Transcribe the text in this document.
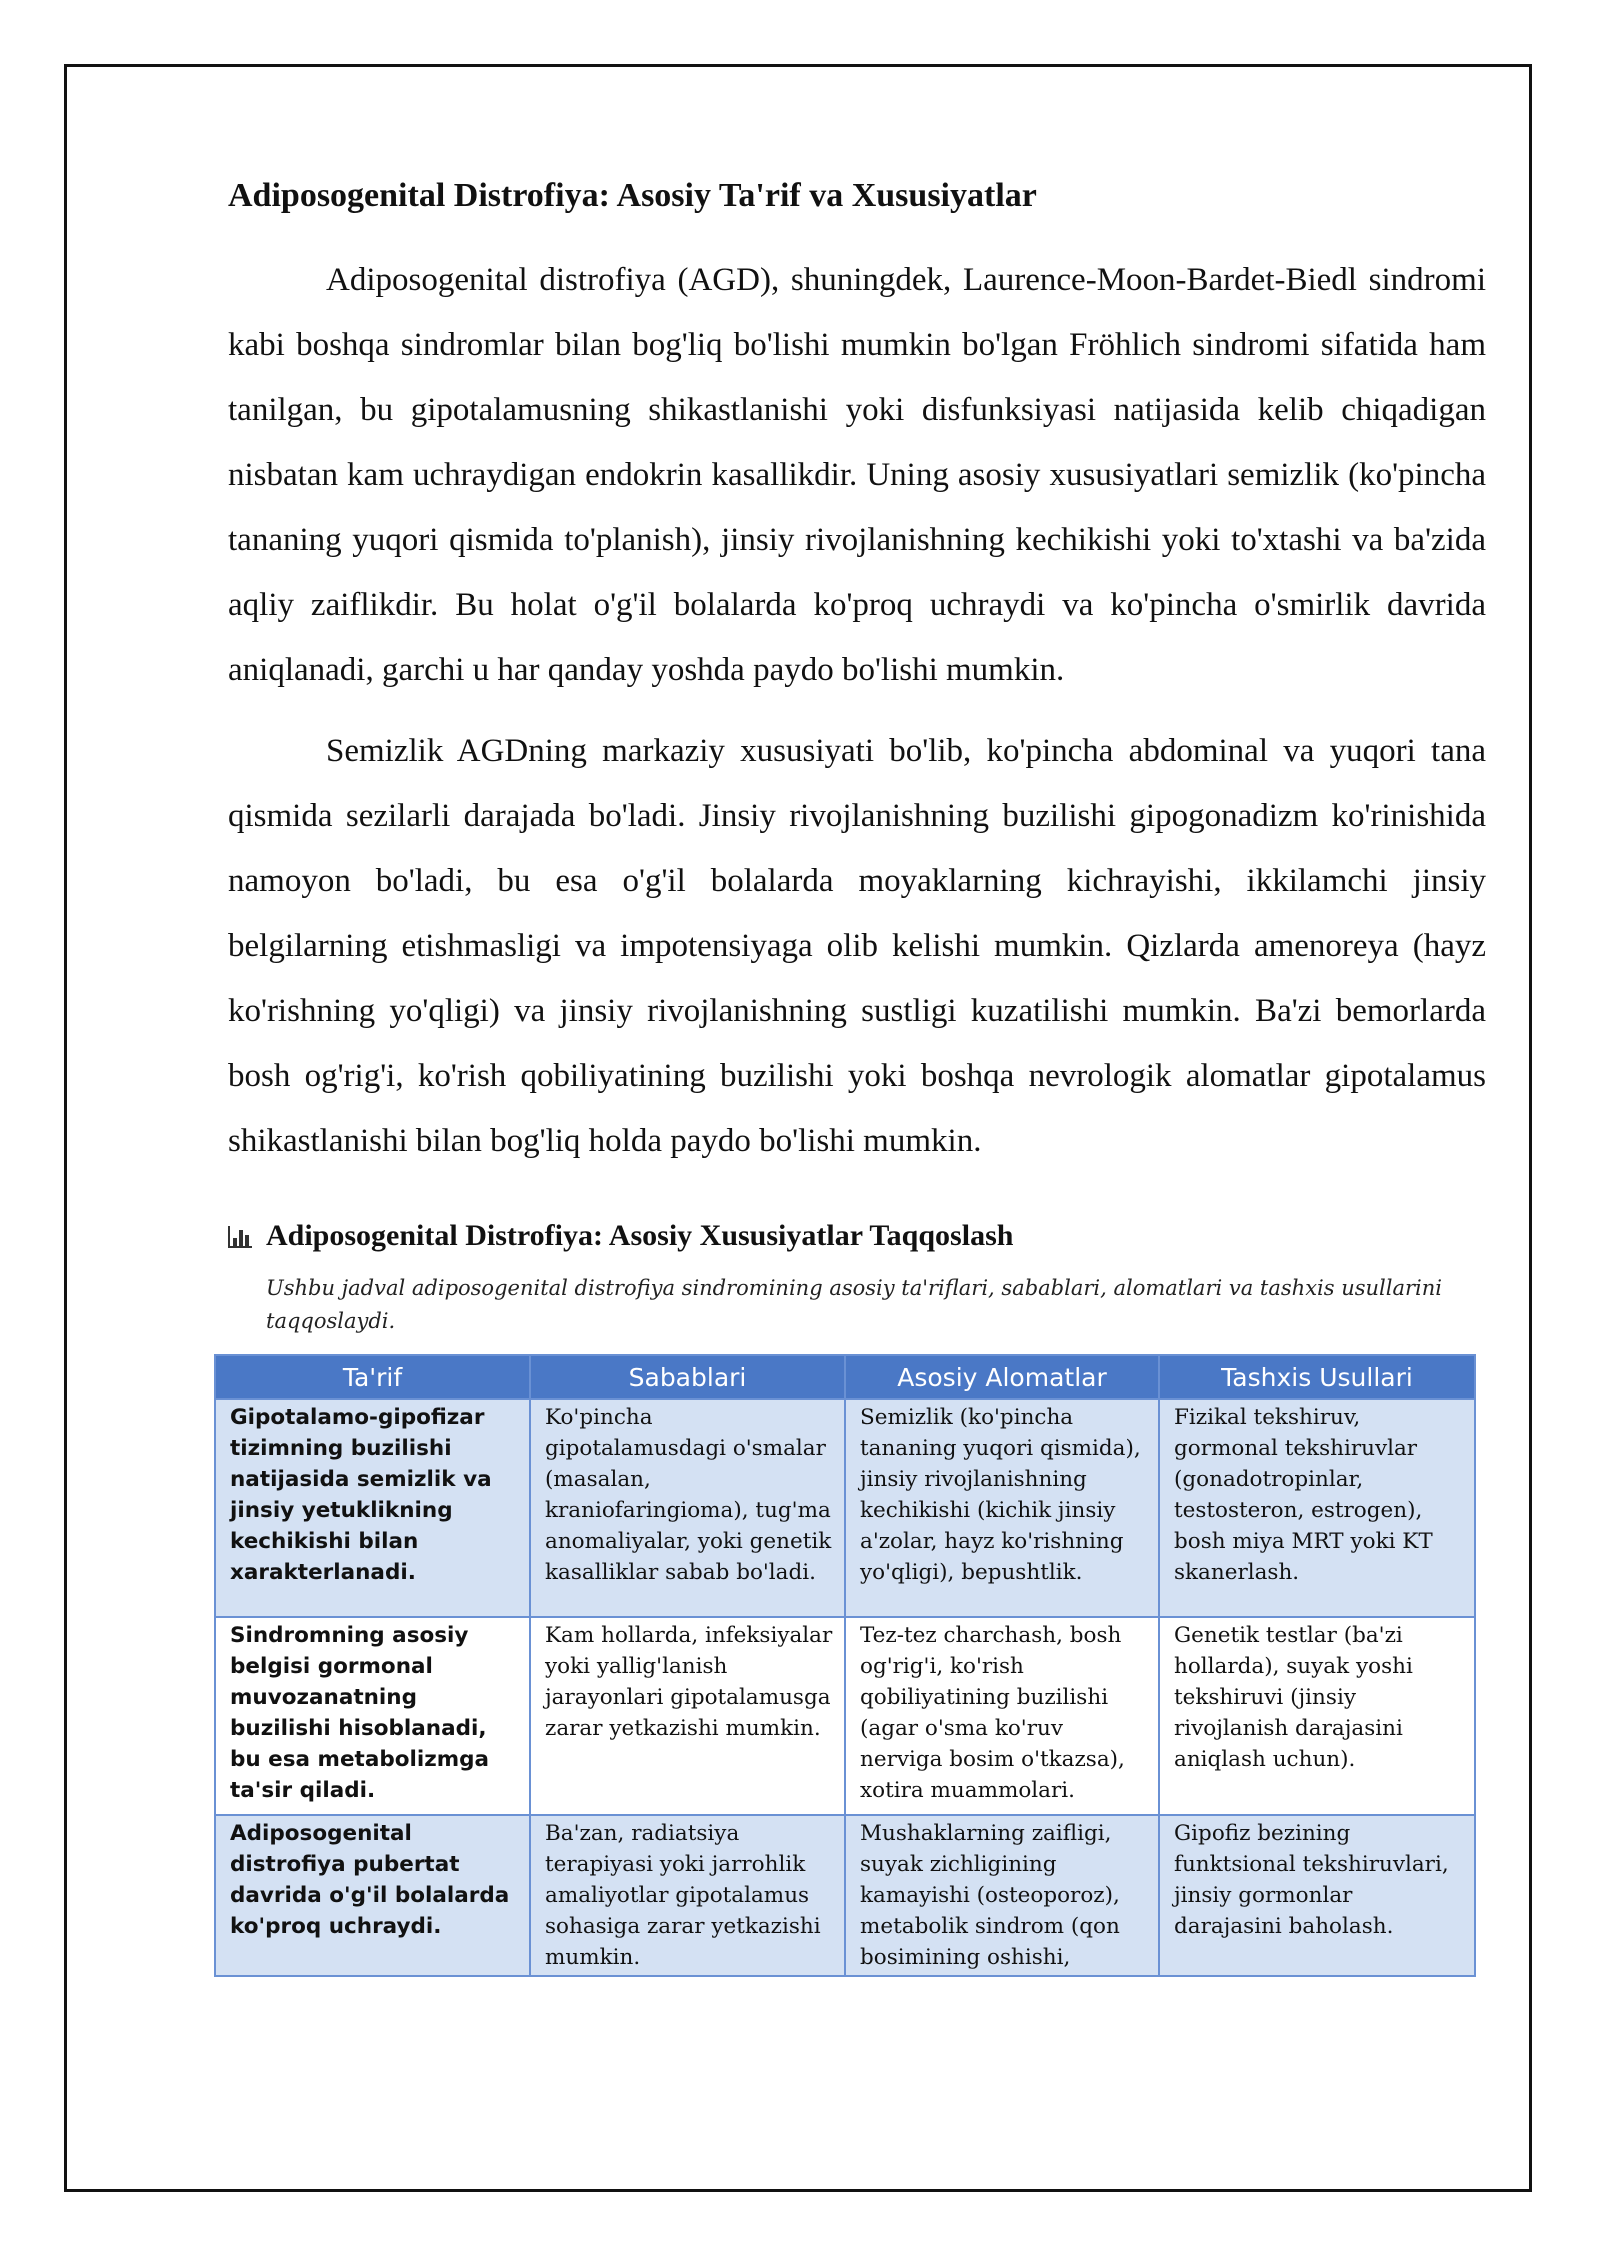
Adiposogenital Distrofiya: Asosiy Ta'rif va Xususiyatlar

Adiposogenital distrofiya (AGD), shuningdek, Laurence-Moon-Bardet-Biedl sindromi kabi boshqa sindromlar bilan bog'liq bo'lishi mumkin bo'lgan Fröhlich sindromi sifatida ham tanilgan, bu gipotalamusning shikastlanishi yoki disfunksiyasi natijasida kelib chiqadigan nisbatan kam uchraydigan endokrin kasallikdir. Uning asosiy xususiyatlari semizlik (ko'pincha tananing yuqori qismida to'planish), jinsiy rivojlanishning kechikishi yoki to'xtashi va ba'zida aqliy zaiflikdir. Bu holat o'g'il bolalarda ko'proq uchraydi va ko'pincha o'smirlik davrida aniqlanadi, garchi u har qanday yoshda paydo bo'lishi mumkin.

Semizlik AGDning markaziy xususiyati bo'lib, ko'pincha abdominal va yuqori tana qismida sezilarli darajada bo'ladi. Jinsiy rivojlanishning buzilishi gipogonadizm ko'rinishida namoyon bo'ladi, bu esa o'g'il bolalarda moyaklarning kichrayishi, ikkilamchi jinsiy belgilarning etishmasligi va impotensiyaga olib kelishi mumkin. Qizlarda amenoreya (hayz ko'rishning yo'qligi) va jinsiy rivojlanishning sustligi kuzatilishi mumkin. Ba'zi bemorlarda bosh og'rig'i, ko'rish qobiliyatining buzilishi yoki boshqa nevrologik alomatlar gipotalamus shikastlanishi bilan bog'liq holda paydo bo'lishi mumkin.

Adiposogenital Distrofiya: Asosiy Xususiyatlar Taqqoslash
Ushbu jadval adiposogenital distrofiya sindromining asosiy ta'riflari, sabablari, alomatlari va tashxis usullarini taqqoslaydi.
Ta'rif	Sabablari	Asosiy Alomatlar	Tashxis Usullari
Gipotalamo-gipofizar tizimning buzilishi natijasida semizlik va jinsiy yetuklikning kechikishi bilan xarakterlanadi.	Ko'pincha gipotalamusdagi o'smalar (masalan, kraniofaringioma), tug'ma anomaliyalar, yoki genetik kasalliklar sabab bo'ladi.	Semizlik (ko'pincha tananing yuqori qismida), jinsiy rivojlanishning kechikishi (kichik jinsiy a'zolar, hayz ko'rishning yo'qligi), bepushtlik.	Fizikal tekshiruv, gormonal tekshiruvlar (gonadotropinlar, testosteron, estrogen), bosh miya MRT yoki KT skanerlash.
Sindromning asosiy belgisi gormonal muvozanatning buzilishi hisoblanadi, bu esa metabolizmga ta'sir qiladi.	Kam hollarda, infeksiyalar yoki yallig'lanish jarayonlari gipotalamusga zarar yetkazishi mumkin.	Tez-tez charchash, bosh og'rig'i, ko'rish qobiliyatining buzilishi (agar o'sma ko'ruv nerviga bosim o'tkazsa), xotira muammolari.	Genetik testlar (ba'zi hollarda), suyak yoshi tekshiruvi (jinsiy rivojlanish darajasini aniqlash uchun).
Adiposogenital distrofiya pubertat davrida o'g'il bolalarda ko'proq uchraydi.	Ba'zan, radiatsiya terapiyasi yoki jarrohlik amaliyotlar gipotalamus sohasiga zarar yetkazishi mumkin.	Mushaklarning zaifligi, suyak zichligining kamayishi (osteoporoz), metabolik sindrom (qon bosimining oshishi,	Gipofiz bezining funktsional tekshiruvlari, jinsiy gormonlar darajasini baholash.
